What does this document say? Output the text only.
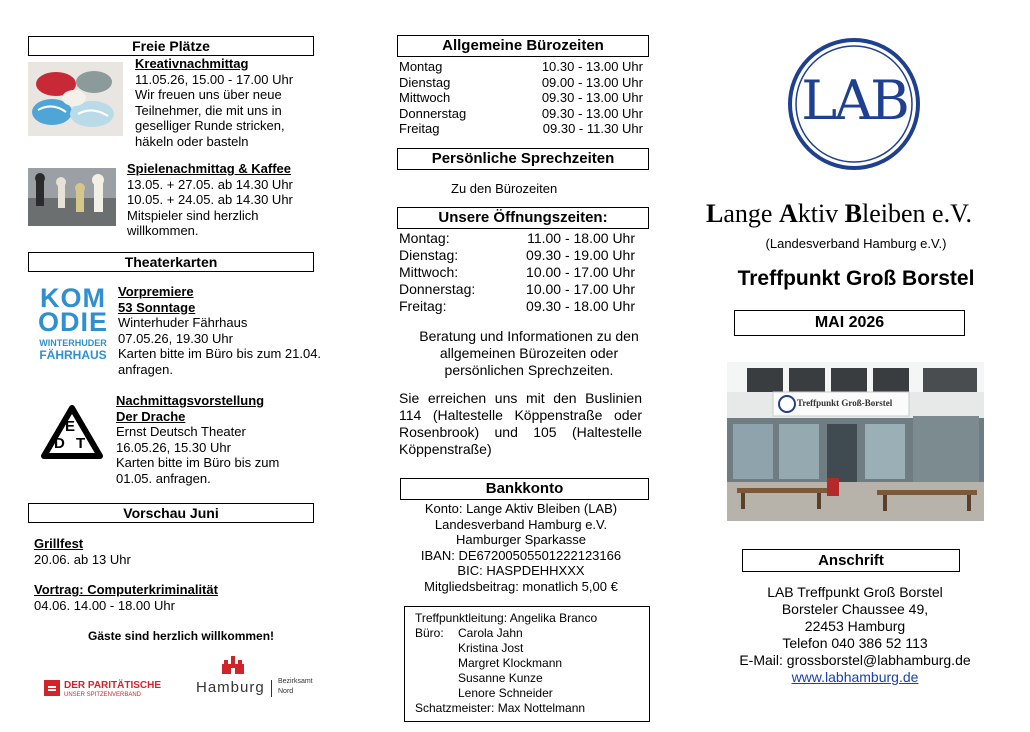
Freie Plätze
Kreativnachmittag
11.05.26, 15.00 - 17.00 Uhr
Wir freuen uns über neue
Teilnehmer, die mit uns in
geselliger Runde stricken,
häkeln oder basteln
Spielenachmittag & Kaffee
13.05. + 27.05. ab 14.30 Uhr
10.05. + 24.05. ab 14.30 Uhr
Mitspieler sind herzlich
willkommen.
Theaterkarten
KOM
ODIE
WINTERHUDER
FÄHRHAUS
Vorpremiere
53 Sonntage
Winterhuder Fährhaus
07.05.26, 19.30 Uhr
Karten bitte im Büro bis zum 21.04.
anfragen.
E
D T
Nachmittagsvorstellung
Der Drache
Ernst Deutsch Theater
16.05.26, 15.30 Uhr
Karten bitte im Büro bis zum
01.05. anfragen.
Vorschau Juni
Grillfest
20.06. ab 13 Uhr
Vortrag: Computerkriminalität
04.06. 14.00 - 18.00 Uhr
Gäste sind herzlich willkommen!
DER PARITÄTISCHE
UNSER SPITZENVERBAND	Hamburg Bezirksamt
Nord
Allgemeine Bürozeiten
Montag	10.30 - 13.00 Uhr
Dienstag	09.00 - 13.00 Uhr
Mittwoch	09.30 - 13.00 Uhr
Donnerstag	09.30 - 13.00 Uhr
Freitag	09.30 - 11.30 Uhr
Persönliche Sprechzeiten
Zu den Bürozeiten
Unsere Öffnungszeiten:
Montag:	11.00 - 18.00 Uhr
Dienstag:	09.30 - 19.00 Uhr
Mittwoch:	10.00 - 17.00 Uhr
Donnerstag:	10.00 - 17.00 Uhr
Freitag:	09.30 - 18.00 Uhr
Beratung und Informationen zu den
allgemeinen Bürozeiten oder
persönlichen Sprechzeiten.
Sie erreichen uns mit den Buslinien
114 (Haltestelle Köppenstraße oder
Rosenbrook) und 105 (Haltestelle
Köppenstraße)
Bankkonto
Konto: Lange Aktiv Bleiben (LAB)
Landesverband Hamburg e.V.
Hamburger Sparkasse
IBAN: DE67200505501222123166
BIC: HASPDEHHXXX
Mitgliedsbeitrag: monatlich 5,00 €
Treffpunktleitung: Angelika Branco
Büro: Carola Jahn
Kristina Jost
Margret Klockmann
Susanne Kunze
Lenore Schneider
Schatzmeister: Max Nottelmann
LAB
Lange Aktiv Bleiben e.V.
(Landesverband Hamburg e.V.)
Treffpunkt Groß Borstel
MAI 2026
Treffpunkt Groß-Borstel
Anschrift
LAB Treffpunkt Groß Borstel
Borsteler Chaussee 49,
22453 Hamburg
Telefon 040 386 52 113
E-Mail: grossborstel@labhamburg.de
www.labhamburg.de
